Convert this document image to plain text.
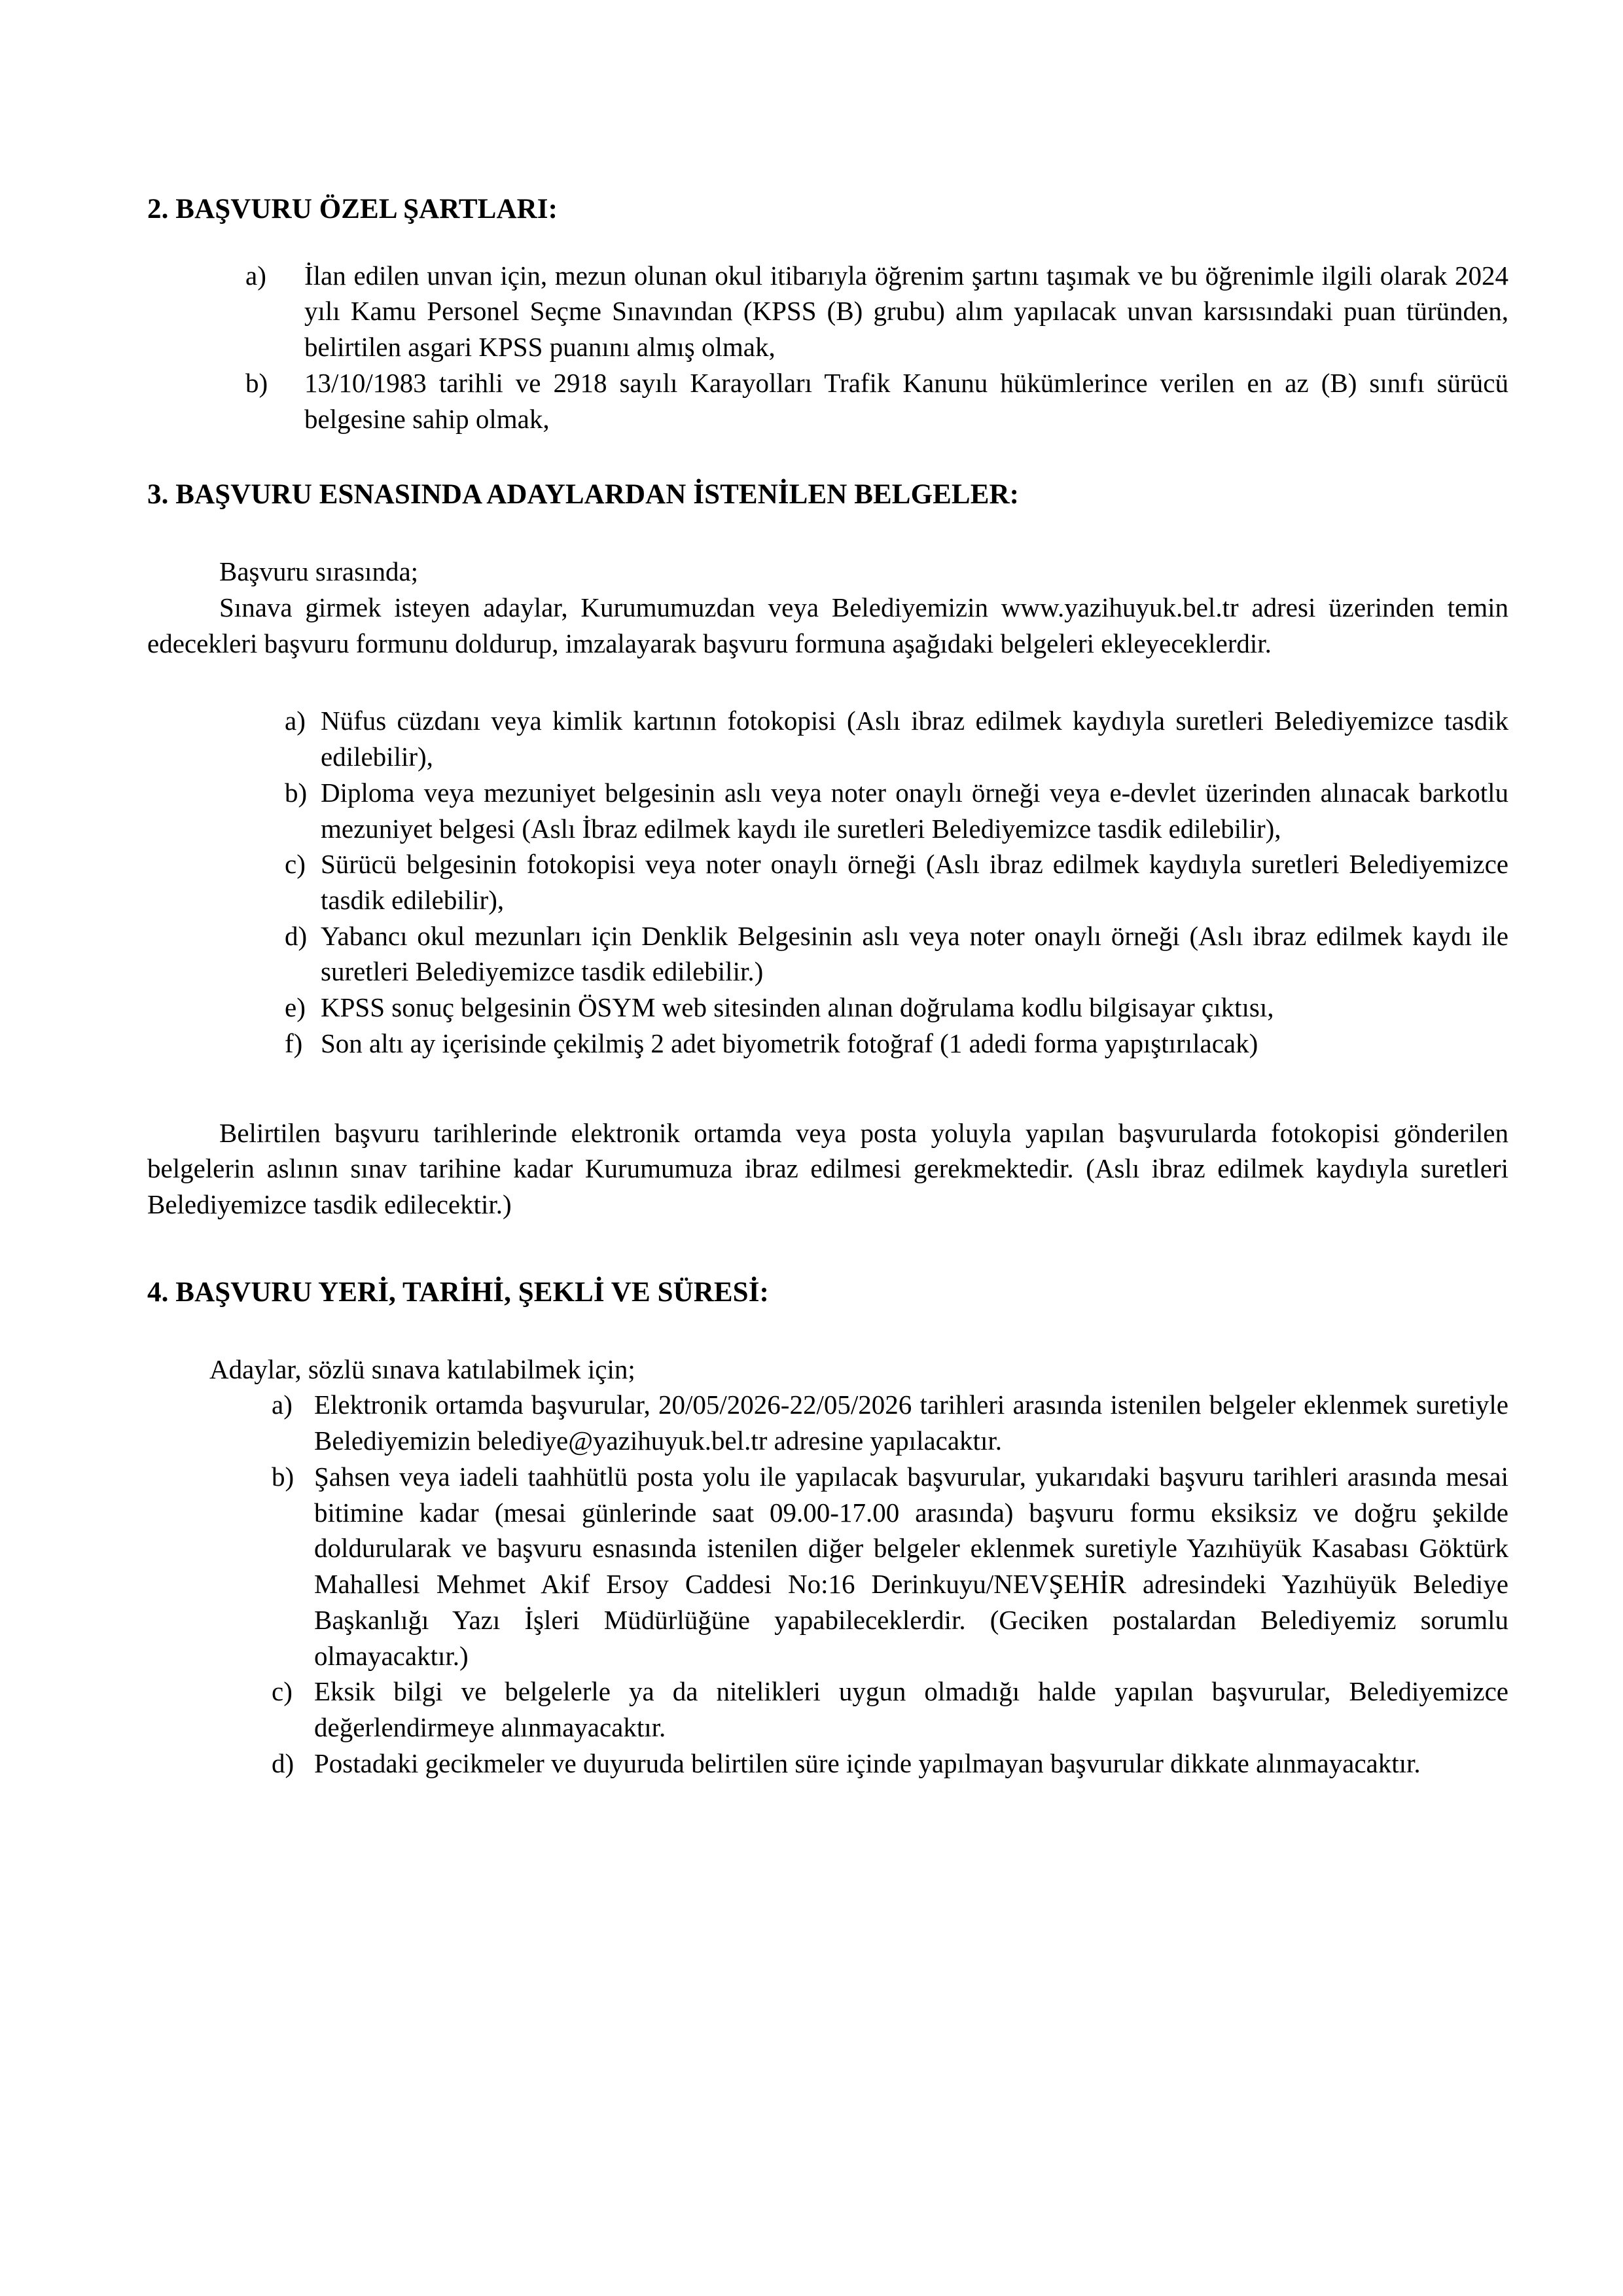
2. BAŞVURU ÖZEL ŞARTLARI:
a)	İlan edilen unvan için, mezun olunan okul itibarıyla öğrenim şartını taşımak ve bu öğrenimle ilgili olarak 2024 yılı Kamu Personel Seçme Sınavından (KPSS (B) grubu) alım yapılacak unvan karsısındaki puan türünden, belirtilen asgari KPSS puanını almış olmak,
b)	13/10/1983 tarihli ve 2918 sayılı Karayolları Trafik Kanunu hükümlerince verilen en az (B) sınıfı sürücü belgesine sahip olmak,
3. BAŞVURU ESNASINDA ADAYLARDAN İSTENİLEN BELGELER:

Başvuru sırasında;

Sınava girmek isteyen adaylar, Kurumumuzdan veya Belediyemizin www.yazihuyuk.bel.tr adresi üzerinden temin edecekleri başvuru formunu doldurup, imzalayarak başvuru formuna aşağıdaki belgeleri ekleyeceklerdir.

a) Nüfus cüzdanı veya kimlik kartının fotokopisi (Aslı ibraz edilmek kaydıyla suretleri Belediyemizce tasdik edilebilir),
b) Diploma veya mezuniyet belgesinin aslı veya noter onaylı örneği veya e-devlet üzerinden alınacak barkotlu mezuniyet belgesi (Aslı İbraz edilmek kaydı ile suretleri Belediyemizce tasdik edilebilir),
c) Sürücü belgesinin fotokopisi veya noter onaylı örneği (Aslı ibraz edilmek kaydıyla suretleri Belediyemizce tasdik edilebilir),
d) Yabancı okul mezunları için Denklik Belgesinin aslı veya noter onaylı örneği (Aslı ibraz edilmek kaydı ile suretleri Belediyemizce tasdik edilebilir.)
e) KPSS sonuç belgesinin ÖSYM web sitesinden alınan doğrulama kodlu bilgisayar çıktısı,
f) Son altı ay içerisinde çekilmiş 2 adet biyometrik fotoğraf (1 adedi forma yapıştırılacak)

Belirtilen başvuru tarihlerinde elektronik ortamda veya posta yoluyla yapılan başvurularda fotokopisi gönderilen belgelerin aslının sınav tarihine kadar Kurumumuza ibraz edilmesi gerekmektedir. (Aslı ibraz edilmek kaydıyla suretleri Belediyemizce tasdik edilecektir.)

4. BAŞVURU YERİ, TARİHİ, ŞEKLİ VE SÜRESİ:

Adaylar, sözlü sınava katılabilmek için;

a) Elektronik ortamda başvurular, 20/05/2026-22/05/2026 tarihleri arasında istenilen belgeler eklenmek suretiyle Belediyemizin belediye@yazihuyuk.bel.tr adresine yapılacaktır.
b) Şahsen veya iadeli taahhütlü posta yolu ile yapılacak başvurular, yukarıdaki başvuru tarihleri arasında mesai bitimine kadar (mesai günlerinde saat 09.00-17.00 arasında) başvuru formu eksiksiz ve doğru şekilde doldurularak ve başvuru esnasında istenilen diğer belgeler eklenmek suretiyle Yazıhüyük Kasabası Göktürk Mahallesi Mehmet Akif Ersoy Caddesi No:16 Derinkuyu/NEVŞEHİR adresindeki Yazıhüyük Belediye Başkanlığı Yazı İşleri Müdürlüğüne yapabileceklerdir. (Geciken postalardan Belediyemiz sorumlu olmayacaktır.)
c) Eksik bilgi ve belgelerle ya da nitelikleri uygun olmadığı halde yapılan başvurular, Belediyemizce değerlendirmeye alınmayacaktır.
d) Postadaki gecikmeler ve duyuruda belirtilen süre içinde yapılmayan başvurular dikkate alınmayacaktır.
